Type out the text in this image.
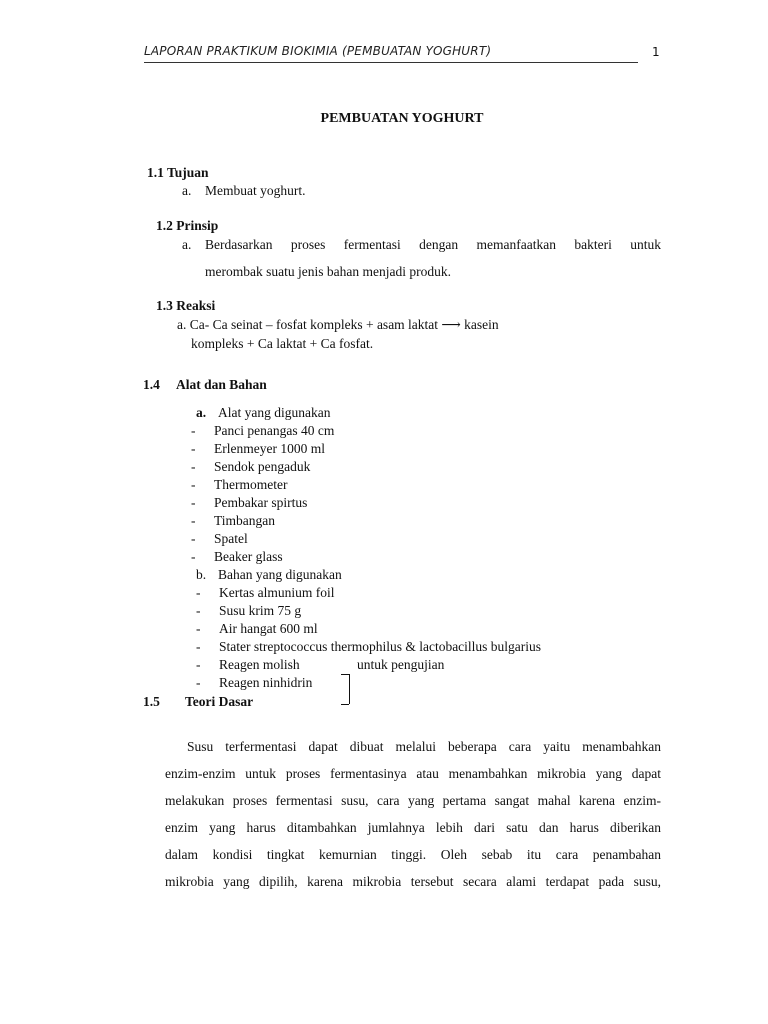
LAPORAN PRAKTIKUM BIOKIMIA (PEMBUATAN YOGHURT)	1
PEMBUATAN YOGHURT
1.1 Tujuan
a. Membuat yoghurt.
1.2 Prinsip
a. Berdasarkan proses fermentasi dengan memanfaatkan bakteri untuk
merombak suatu jenis bahan menjadi produk.
1.3 Reaksi
a. Ca- Ca seinat – fosfat kompleks + asam laktat ⟶ kasein
kompleks + Ca laktat + Ca fosfat.
1.4 Alat dan Bahan
a. Alat yang digunakan
- Panci penangas 40 cm
- Erlenmeyer 1000 ml
- Sendok pengaduk
- Thermometer
- Pembakar spirtus
- Timbangan
- Spatel
- Beaker glass
b. Bahan yang digunakan
- Kertas almunium foil
- Susu krim 75 g
- Air hangat 600 ml
- Stater streptococcus thermophilus & lactobacillus bulgarius
- Reagen molish
- Reagen ninhidrin
untuk pengujian
1.5 Teori Dasar
Susu terfermentasi dapat dibuat melalui beberapa cara yaitu menambahkan
enzim-enzim untuk proses fermentasinya atau menambahkan mikrobia yang dapat
melakukan proses fermentasi susu, cara yang pertama sangat mahal karena enzim-
enzim yang harus ditambahkan jumlahnya lebih dari satu dan harus diberikan
dalam kondisi tingkat kemurnian tinggi. Oleh sebab itu cara penambahan
mikrobia yang dipilih, karena mikrobia tersebut secara alami terdapat pada susu,
